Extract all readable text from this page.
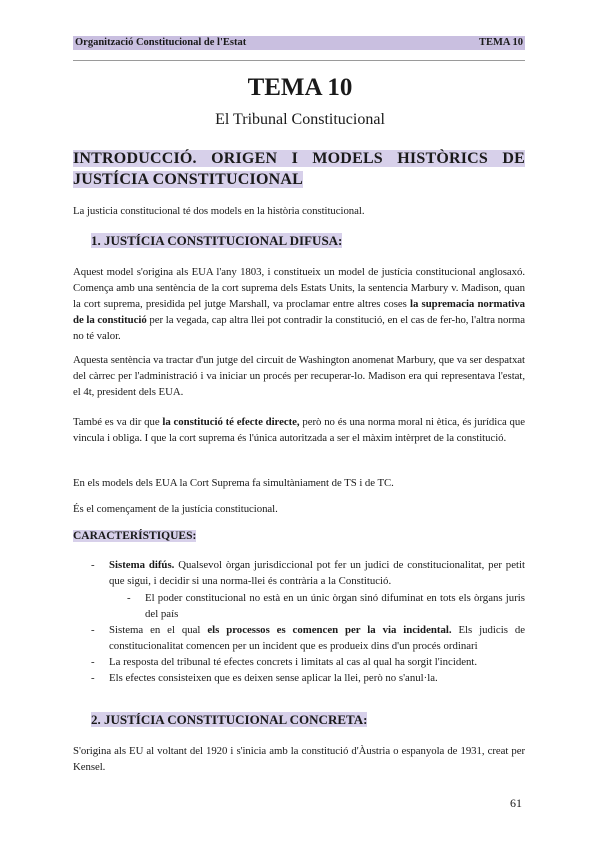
Organització Constitucional de l'Estat	TEMA 10
TEMA 10
El Tribunal Constitucional
INTRODUCCIÓ. ORIGEN I MODELS HISTÒRICS DE JUSTÍCIA CONSTITUCIONAL
La justicia constitucional té dos models en la història constitucional.
1. JUSTÍCIA CONSTITUCIONAL DIFUSA:
Aquest model s'origina als EUA l'any 1803, i constitueix un model de justícia constitucional anglosaxó. Comença amb una sentència de la cort suprema dels Estats Units, la sentencia Marbury v. Madison, quan la cort suprema, presidida pel jutge Marshall, va proclamar entre altres coses la supremacia normativa de la constitució per la vegada, cap altra llei pot contradir la constitució, en el cas de fer-ho, l'altra norma no té valor.
Aquesta sentència va tractar d'un jutge del circuit de Washington anomenat Marbury, que va ser despatxat del càrrec per l'administració i va iniciar un procés per recuperar-lo. Madison era qui representava l'estat, el 4t, president dels EUA.
També es va dir que la constitució té efecte directe, però no és una norma moral ni ètica, és jurídica que vincula i obliga. I que la cort suprema és l'única autoritzada a ser el màxim intèrpret de la constitució.
En els models dels EUA la Cort Suprema fa simultàniament de TS i de TC.
És el començament de la justícia constitucional.
CARACTERÍSTIQUES:
- Sistema difús. Qualsevol òrgan jurisdiccional pot fer un judici de constitucionalitat, per petit que sigui, i decidir si una norma-llei és contrària a la Constitució.
- El poder constitucional no està en un únic òrgan sinó difuminat en tots els òrgans juris del país
- Sistema en el qual els processos es comencen per la via incidental. Els judicis de constitucionalitat comencen per un incident que es produeix dins d'un procés ordinari
- La resposta del tribunal té efectes concrets i limitats al cas al qual ha sorgit l'incident.
- Els efectes consisteixen que es deixen sense aplicar la llei, però no s'anul·la.
2. JUSTÍCIA CONSTITUCIONAL CONCRETA:
S'origina als EU al voltant del 1920 i s'inicia amb la constitució d'Àustria o espanyola de 1931, creat per Kensel.
61
